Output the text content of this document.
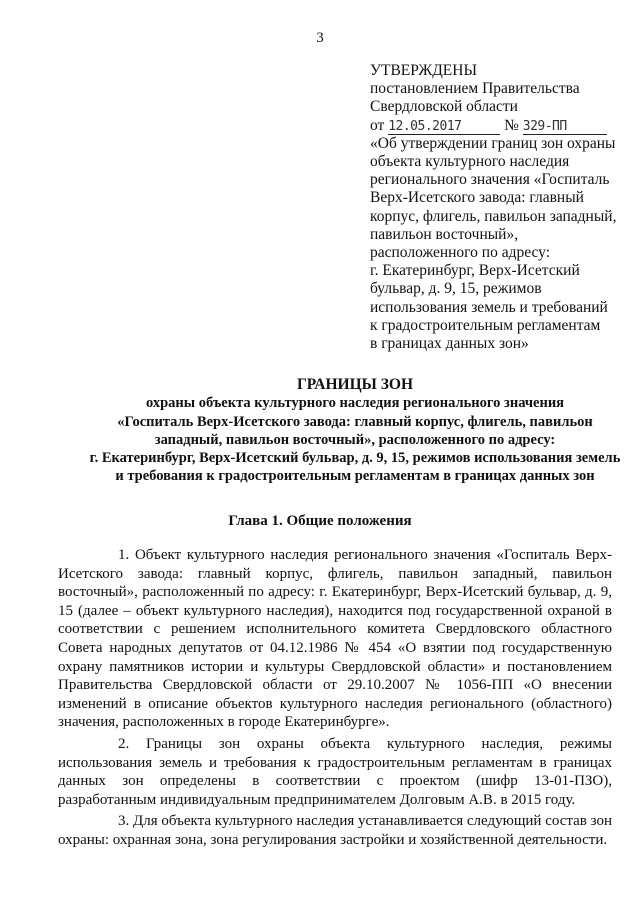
3
УТВЕРЖДЕНЫ
постановлением Правительства
Свердловской области
от 12.05.2017	№ 329-ПП
«Об утверждении границ зон охраны
объекта культурного наследия
регионального значения «Госпиталь
Верх-Исетского завода: главный
корпус, флигель, павильон западный,
павильон восточный»,
расположенного по адресу:
г. Екатеринбург, Верх-Исетский
бульвар, д. 9, 15, режимов
использования земель и требований
к градостроительным регламентам
в границах данных зон»
ГРАНИЦЫ ЗОН
охраны объекта культурного наследия регионального значения
«Госпиталь Верх-Исетского завода: главный корпус, флигель, павильон
западный, павильон восточный», расположенного по адресу:
г. Екатеринбург, Верх-Исетский бульвар, д. 9, 15, режимов использования земель
и требования к градостроительным регламентам в границах данных зон
Глава 1. Общие положения

1. Объект культурного наследия регионального значения «Госпиталь Верх-Исетского завода: главный корпус, флигель, павильон западный, павильон восточный», расположенный по адресу: г. Екатеринбург, Верх-Исетский бульвар, д. 9, 15 (далее – объект культурного наследия), находится под государственной охраной в соответствии с решением исполнительного комитета Свердловского областного Совета народных депутатов от 04.12.1986 № 454 «О взятии под государственную охрану памятников истории и культуры Свердловской области» и постановлением Правительства Свердловской области от 29.10.2007 № 1056-ПП «О внесении изменений в описание объектов культурного наследия регионального (областного) значения, расположенных в городе Екатеринбурге».

2. Границы зон охраны объекта культурного наследия, режимы использования земель и требования к градостроительным регламентам в границах данных зон определены в соответствии с проектом (шифр 13-01-ПЗО), разработанным индивидуальным предпринимателем Долговым А.В. в 2015 году.

3. Для объекта культурного наследия устанавливается следующий состав зон охраны: охранная зона, зона регулирования застройки и хозяйственной деятельности.
